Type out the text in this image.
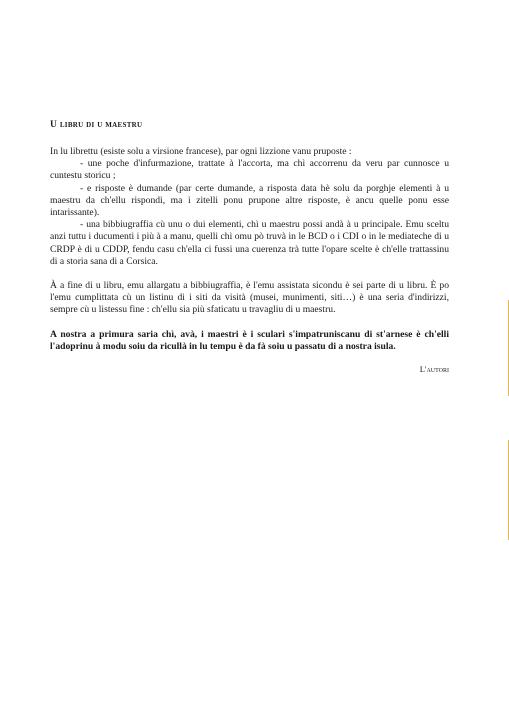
U libru di u maestru

In lu librettu (esiste solu a virsione francese), par ogni lizzione vanu pruposte :

- une poche d'infurmazione, trattate à l'accorta, ma chì accorrenu da veru par cunnosce u cuntestu storicu ;

- e risposte è dumande (par certe dumande, a risposta data hè solu da porghje elementi à u maestru da ch'ellu rispondi, ma i zitelli ponu prupone altre risposte, è ancu quelle ponu esse intarissante).

- una bibbiugraffia cù unu o dui elementi, chì u maestru possi andà à u principale. Emu sceltu anzi tuttu i ducumenti i più à a manu, quelli chì omu pò truvà in le BCD o i CDI o in le mediateche di u CRDP è di u CDDP, fendu casu ch'ella ci fussi una cuerenza trà tutte l'opare scelte è ch'elle trattassinu di a storia sana di a Corsica.

À a fine di u libru, emu allargatu a bibbiugraffia, è l'emu assistata sicondu è sei parte di u libru. È po l'emu cumplittata cù un listinu di i siti da visità (musei, munimenti, siti…) è una seria d'indirizzi, sempre cù u listessu fine : ch'ellu sia più sfaticatu u travagliu di u maestru.

A nostra a primura saria chì, avà, i maestri è i sculari s'impatruniscanu di st'arnese è ch'elli l'adoprinu à modu soiu da ricullà in lu tempu è da fà soiu u passatu di a nostra isula.

L'autori
